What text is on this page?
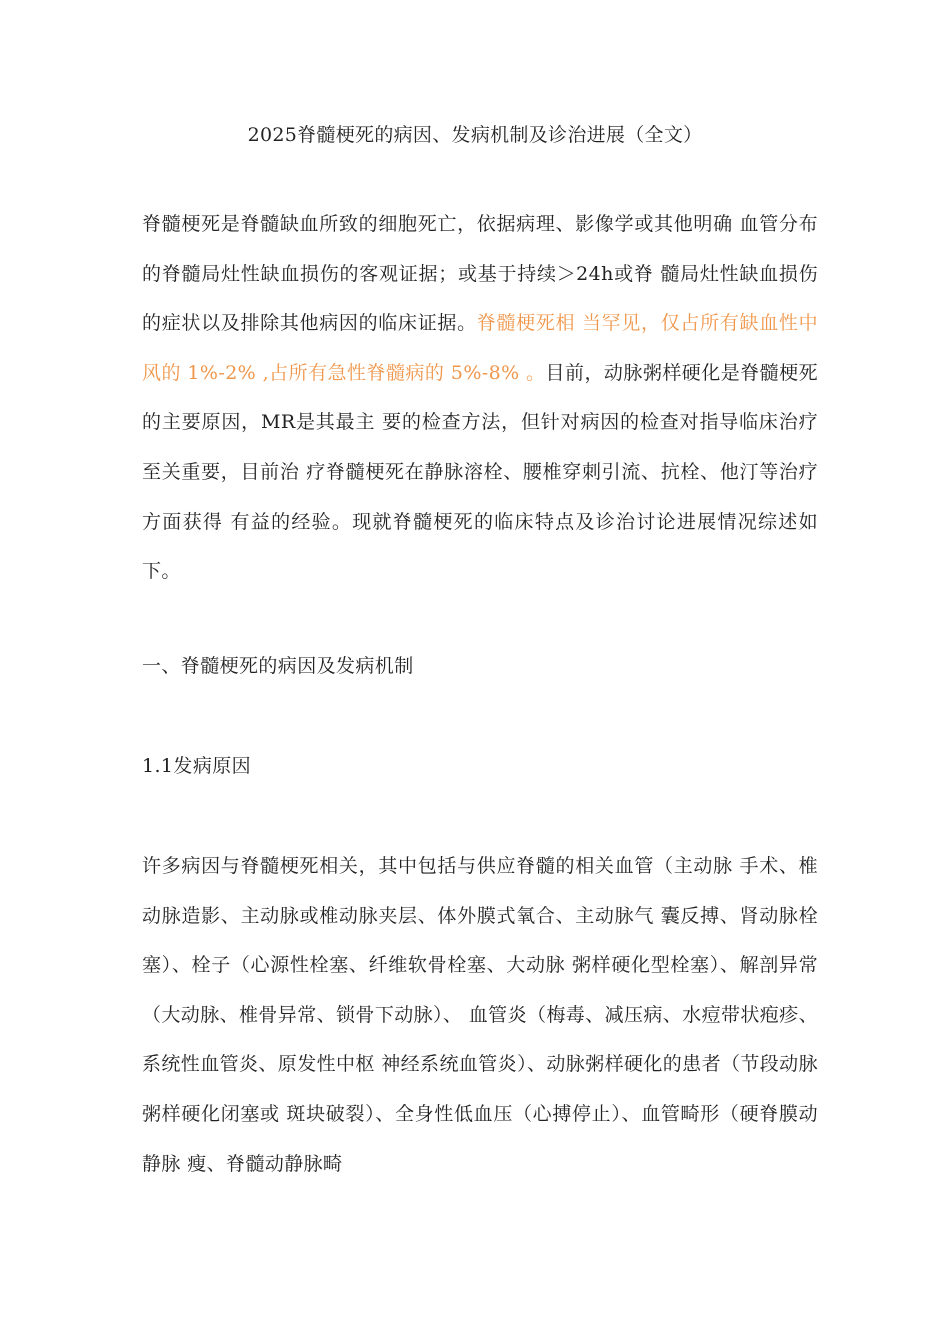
2025脊髓梗死的病因、发病机制及诊治进展（全文）
脊髓梗死是脊髓缺血所致的细胞死亡，依据病理、影像学或其他明确 血管分布的脊髓局灶性缺血损伤的客观证据；或基于持续＞24h或脊 髓局灶性缺血损伤的症状以及排除其他病因的临床证据。脊髓梗死相 当罕见，仅占所有缺血性中风的 1%-2% ,占所有急性脊髓病的 5%-8% 。目前，动脉粥样硬化是脊髓梗死的主要原因，MR是其最主 要的检查方法，但针对病因的检查对指导临床治疗至关重要，目前治 疗脊髓梗死在静脉溶栓、腰椎穿刺引流、抗栓、他汀等治疗方面获得 有益的经验。现就脊髓梗死的临床特点及诊治讨论进展情况综述如下。
一、脊髓梗死的病因及发病机制
1.1发病原因
许多病因与脊髓梗死相关，其中包括与供应脊髓的相关血管（主动脉 手术、椎动脉造影、主动脉或椎动脉夹层、体外膜式氧合、主动脉气 囊反搏、肾动脉栓塞）、栓子（心源性栓塞、纤维软骨栓塞、大动脉 粥样硬化型栓塞）、解剖异常（大动脉、椎骨异常、锁骨下动脉）、 血管炎（梅毒、减压病、水痘带状疱疹、系统性血管炎、原发性中枢 神经系统血管炎）、动脉粥样硬化的患者（节段动脉粥样硬化闭塞或 斑块破裂）、全身性低血压（心搏停止）、血管畸形（硬脊膜动静脉 瘦、脊髓动静脉畸
